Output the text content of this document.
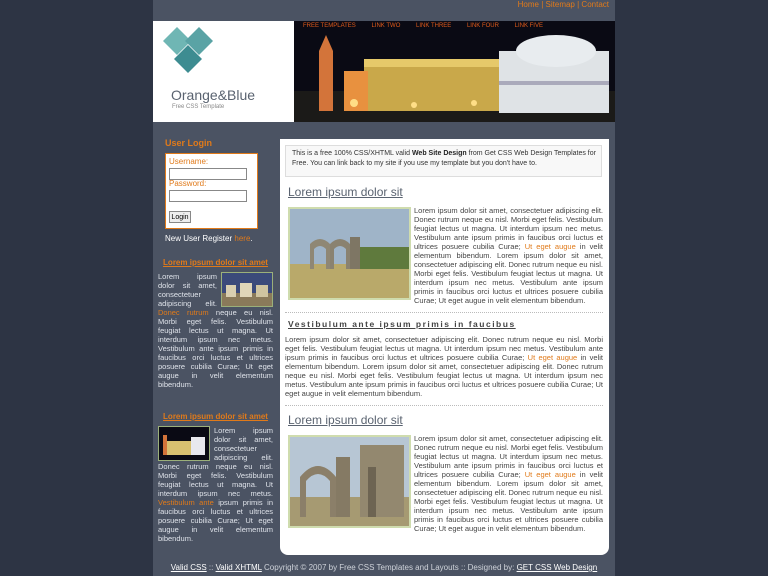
Home | Sitemap | Contact
Orange&Blue
Free CSS Template
FREE TEMPLATES	LINK TWO	LINK THREE	LINK FOUR	LINK FIVE
User Login
Username:
Password:
Login
New User Register here.
Lorem ipsum dolor sit amet
Lorem ipsum dolor sit amet, consectetuer adipiscing elit. Donec rutrum neque eu nisl. Morbi eget felis. Vestibulum feugiat lectus ut magna. Ut interdum ipsum nec metus. Vestibulum ante ipsum primis in faucibus orci luctus et ultrices posuere cubilia Curae; Ut eget augue in velit elementum bibendum.
Lorem ipsum dolor sit amet
Lorem ipsum dolor sit amet, consectetuer adipiscing elit. Donec rutrum neque eu nisl. Morbi eget felis. Vestibulum feugiat lectus ut magna. Ut interdum ipsum nec metus. Vestibulum ante ipsum primis in faucibus orci luctus et ultrices posuere cubilia Curae; Ut eget augue in velit elementum bibendum.
This is a free 100% CSS/XHTML valid Web Site Design from Get CSS Web Design Templates for Free. You can link back to my site if you use my template but you don't have to.
Lorem ipsum dolor sit
Lorem ipsum dolor sit amet, consectetuer adipiscing elit. Donec rutrum neque eu nisl. Morbi eget felis. Vestibulum feugiat lectus ut magna. Ut interdum ipsum nec metus. Vestibulum ante ipsum primis in faucibus orci luctus et ultrices posuere cubilia Curae; Ut eget augue in velit elementum bibendum. Lorem ipsum dolor sit amet, consectetuer adipiscing elit. Donec rutrum neque eu nisl. Morbi eget felis. Vestibulum feugiat lectus ut magna. Ut interdum ipsum nec metus. Vestibulum ante ipsum primis in faucibus orci luctus et ultrices posuere cubilia Curae; Ut eget augue in velit elementum bibendum.
Vestibulum ante ipsum primis in faucibus
Lorem ipsum dolor sit amet, consectetuer adipiscing elit. Donec rutrum neque eu nisl. Morbi eget felis. Vestibulum feugiat lectus ut magna. Ut interdum ipsum nec metus. Vestibulum ante ipsum primis in faucibus orci luctus et ultrices posuere cubilia Curae; Ut eget augue in velit elementum bibendum. Lorem ipsum dolor sit amet, consectetuer adipiscing elit. Donec rutrum neque eu nisl. Morbi eget felis. Vestibulum feugiat lectus ut magna. Ut interdum ipsum nec metus. Vestibulum ante ipsum primis in faucibus orci luctus et ultrices posuere cubilia Curae; Ut eget augue in velit elementum bibendum.
Lorem ipsum dolor sit
Lorem ipsum dolor sit amet, consectetuer adipiscing elit. Donec rutrum neque eu nisl. Morbi eget felis. Vestibulum feugiat lectus ut magna. Ut interdum ipsum nec metus. Vestibulum ante ipsum primis in faucibus orci luctus et ultrices posuere cubilia Curae; Ut eget augue in velit elementum bibendum. Lorem ipsum dolor sit amet, consectetuer adipiscing elit. Donec rutrum neque eu nisl. Morbi eget felis. Vestibulum feugiat lectus ut magna. Ut interdum ipsum nec metus. Vestibulum ante ipsum primis in faucibus orci luctus et ultrices posuere cubilia Curae; Ut eget augue in velit elementum bibendum.
Valid CSS :: Valid XHTML Copyright © 2007 by Free CSS Templates and Layouts :: Designed by: GET CSS Web Design
